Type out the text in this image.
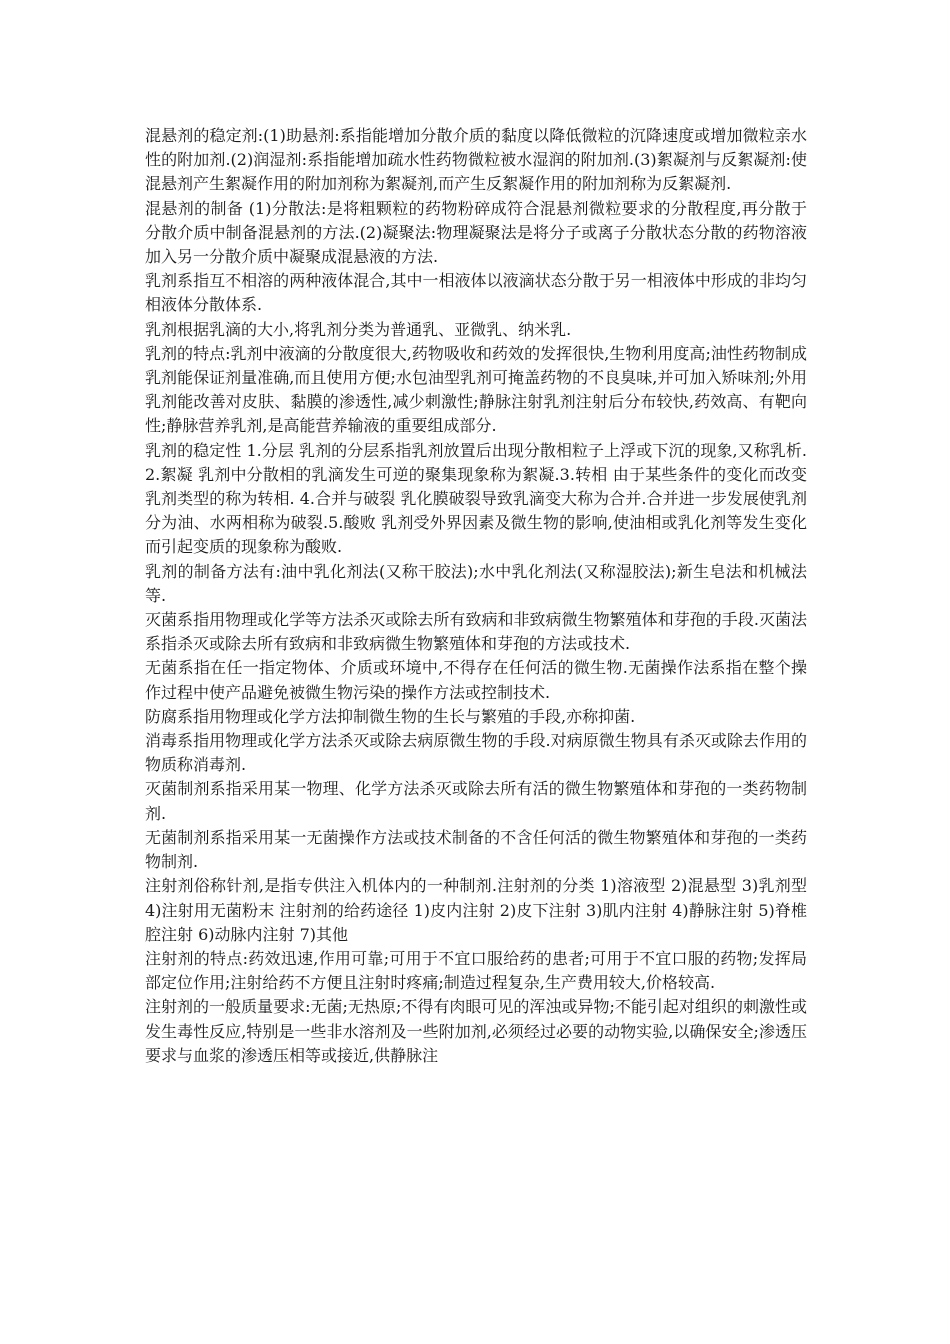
混悬剂的稳定剂:(1)助悬剂:系指能增加分散介质的黏度以降低微粒的沉降速度或增加微粒亲水性的附加剂.(2)润湿剂:系指能增加疏水性药物微粒被水湿润的附加剂.(3)絮凝剂与反絮凝剂:使混悬剂产生絮凝作用的附加剂称为絮凝剂,而产生反絮凝作用的附加剂称为反絮凝剂.

混悬剂的制备 (1)分散法:是将粗颗粒的药物粉碎成符合混悬剂微粒要求的分散程度,再分散于分散介质中制备混悬剂的方法.(2)凝聚法:物理凝聚法是将分子或离子分散状态分散的药物溶液加入另一分散介质中凝聚成混悬液的方法.

乳剂系指互不相溶的两种液体混合,其中一相液体以液滴状态分散于另一相液体中形成的非均匀相液体分散体系.

乳剂根据乳滴的大小,将乳剂分类为普通乳、亚微乳、纳米乳.

乳剂的特点:乳剂中液滴的分散度很大,药物吸收和药效的发挥很快,生物利用度高;油性药物制成乳剂能保证剂量准确,而且使用方便;水包油型乳剂可掩盖药物的不良臭味,并可加入矫味剂;外用乳剂能改善对皮肤、黏膜的渗透性,减少刺激性;静脉注射乳剂注射后分布较快,药效高、有靶向性;静脉营养乳剂,是高能营养输液的重要组成部分.

乳剂的稳定性 1.分层 乳剂的分层系指乳剂放置后出现分散相粒子上浮或下沉的现象,又称乳析.2.絮凝 乳剂中分散相的乳滴发生可逆的聚集现象称为絮凝.3.转相 由于某些条件的变化而改变乳剂类型的称为转相. 4.合并与破裂 乳化膜破裂导致乳滴变大称为合并.合并进一步发展使乳剂分为油、水两相称为破裂.5.酸败 乳剂受外界因素及微生物的影响,使油相或乳化剂等发生变化而引起变质的现象称为酸败.

乳剂的制备方法有:油中乳化剂法(又称干胶法);水中乳化剂法(又称湿胶法);新生皂法和机械法等.

灭菌系指用物理或化学等方法杀灭或除去所有致病和非致病微生物繁殖体和芽孢的手段.灭菌法系指杀灭或除去所有致病和非致病微生物繁殖体和芽孢的方法或技术.

无菌系指在任一指定物体、介质或环境中,不得存在任何活的微生物.无菌操作法系指在整个操作过程中使产品避免被微生物污染的操作方法或控制技术.

防腐系指用物理或化学方法抑制微生物的生长与繁殖的手段,亦称抑菌.

消毒系指用物理或化学方法杀灭或除去病原微生物的手段.对病原微生物具有杀灭或除去作用的物质称消毒剂.

灭菌制剂系指采用某一物理、化学方法杀灭或除去所有活的微生物繁殖体和芽孢的一类药物制剂.

无菌制剂系指采用某一无菌操作方法或技术制备的不含任何活的微生物繁殖体和芽孢的一类药物制剂.

注射剂俗称针剂,是指专供注入机体内的一种制剂.注射剂的分类 1)溶液型 2)混悬型 3)乳剂型 4)注射用无菌粉末 注射剂的给药途径 1)皮内注射 2)皮下注射 3)肌内注射 4)静脉注射 5)脊椎腔注射 6)动脉内注射 7)其他

注射剂的特点:药效迅速,作用可靠;可用于不宜口服给药的患者;可用于不宜口服的药物;发挥局部定位作用;注射给药不方便且注射时疼痛;制造过程复杂,生产费用较大,价格较高.

注射剂的一般质量要求:无菌;无热原;不得有肉眼可见的浑浊或异物;不能引起对组织的刺激性或发生毒性反应,特别是一些非水溶剂及一些附加剂,必须经过必要的动物实验,以确保安全;渗透压要求与血浆的渗透压相等或接近,供静脉注
